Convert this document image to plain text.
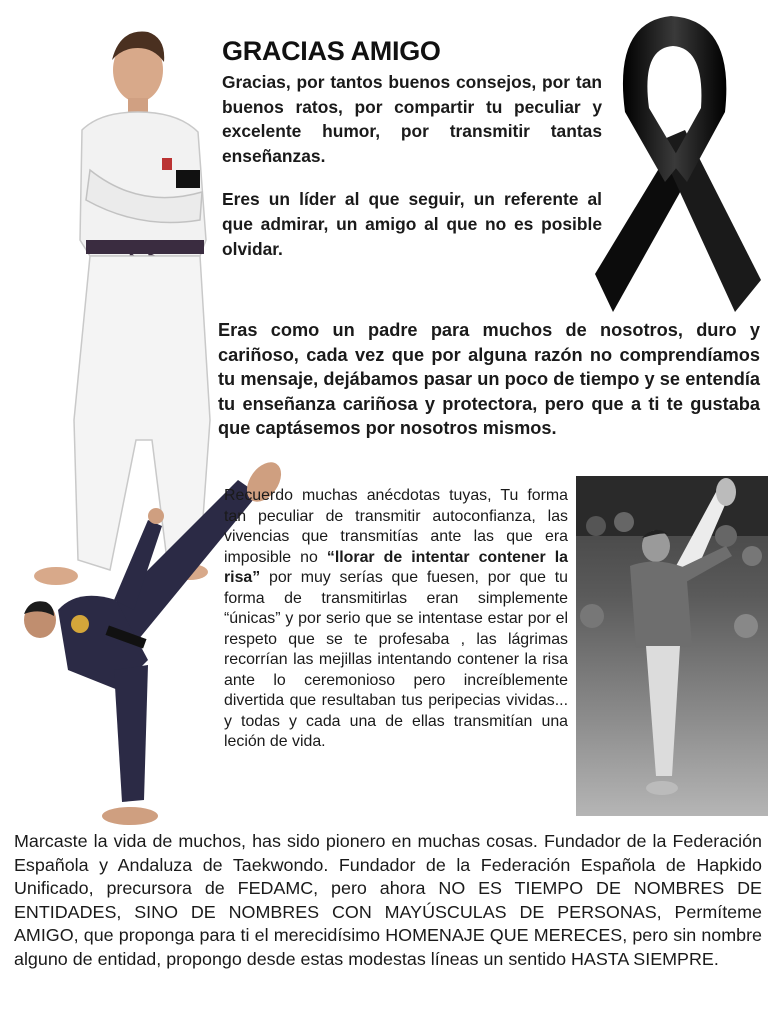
GRACIAS AMIGO

Gracias, por tantos buenos consejos, por tan buenos ratos, por compartir tu peculiar y excelente humor, por transmitir tantas enseñanzas.

Eres un líder al que seguir, un referente al que admirar, un amigo al que no es posible olvidar.

Eras como un padre para muchos de nosotros, duro y cariñoso, cada vez que por alguna razón no comprendíamos tu mensaje, dejábamos pasar un poco de tiempo y se entendía tu enseñanza cariñosa y protectora, pero que a ti te gustaba que captásemos por nosotros mismos.

Recuerdo muchas anécdotas tuyas, Tu forma tan peculiar de transmitir autoconfianza, las vivencias que transmitías ante las que era imposible no “llorar de intentar contener la risa” por muy serías que fuesen, por que tu forma de transmitirlas eran simplemente “únicas” y por serio que se intentase estar por el respeto que se te profesaba , las lágrimas recorrían las mejillas intentando contener la risa ante lo ceremonioso pero increíblemente divertida que resultaban tus peripecias vividas... y todas y cada una de ellas transmitían una leción de vida.

Marcaste la vida de muchos, has sido pionero en muchas cosas. Fundador de la Federación Española y Andaluza de Taekwondo. Fundador de la Federación Española de Hapkido Unificado, precursora de FEDAMC, pero ahora NO ES TIEMPO DE NOMBRES DE ENTIDADES, SINO DE NOMBRES CON MAYÚSCULAS DE PERSONAS, Permíteme AMIGO, que proponga para ti el merecidísimo HOMENAJE QUE MERECES, pero sin nombre alguno de entidad, propongo desde estas modestas líneas un sentido HASTA SIEMPRE.
